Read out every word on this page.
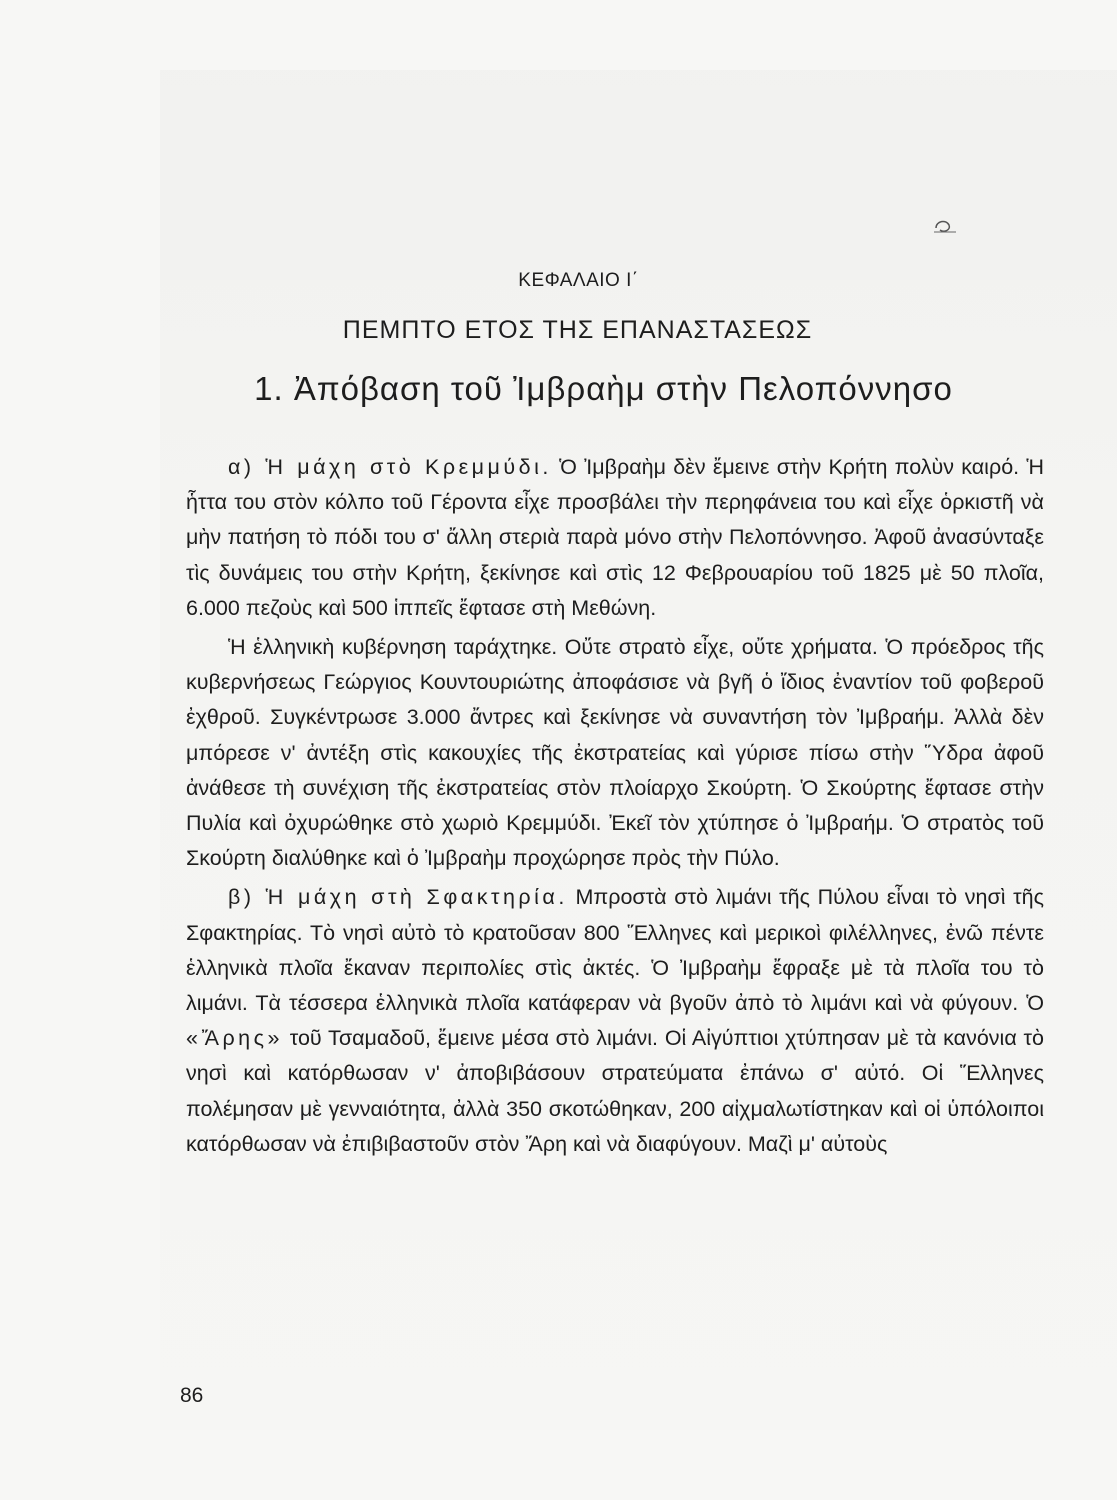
ΚΕΦΑΛΑΙΟ Ι΄
ΠΕΜΠΤΟ ΕΤΟΣ ΤΗΣ ΕΠΑΝΑΣΤΑΣΕΩΣ
1. Ἀπόβαση τοῦ Ἰμβραὴμ στὴν Πελοπόννησο

α) Ἡ μάχη στὸ Κρεμμύδι. Ὁ Ἰμβραὴμ δὲν ἔμεινε στὴν Κρήτη πολὺν καιρό. Ἡ ἧττα του στὸν κόλπο τοῦ Γέροντα εἶχε προσβάλει τὴν περηφάνεια του καὶ εἶχε ὁρκιστῆ νὰ μὴν πατήση τὸ πόδι του σ' ἄλλη στεριὰ παρὰ μόνο στὴν Πελοπόννησο. Ἀφοῦ ἀνασύνταξε τὶς δυνάμεις του στὴν Κρήτη, ξεκίνησε καὶ στὶς 12 Φεβρουαρίου τοῦ 1825 μὲ 50 πλοῖα, 6.000 πεζοὺς καὶ 500 ἱππεῖς ἔφτασε στὴ Μεθώνη.

Ἡ ἑλληνικὴ κυβέρνηση ταράχτηκε. Οὔτε στρατὸ εἶχε, οὔτε χρήματα. Ὁ πρόεδρος τῆς κυβερνήσεως Γεώργιος Κουντουριώτης ἀποφάσισε νὰ βγῆ ὁ ἴδιος ἐναντίον τοῦ φοβεροῦ ἐχθροῦ. Συγκέντρωσε 3.000 ἄντρες καὶ ξεκίνησε νὰ συναντήση τὸν Ἰμβραήμ. Ἀλλὰ δὲν μπόρεσε ν' ἀντέξη στὶς κακουχίες τῆς ἐκστρατείας καὶ γύρισε πίσω στὴν Ὕδρα ἀφοῦ ἀνάθεσε τὴ συνέχιση τῆς ἐκστρατείας στὸν πλοίαρχο Σκούρτη. Ὁ Σκούρτης ἔφτασε στὴν Πυλία καὶ ὀχυρώθηκε στὸ χωριὸ Κρεμμύδι. Ἐκεῖ τὸν χτύπησε ὁ Ἰμβραήμ. Ὁ στρατὸς τοῦ Σκούρτη διαλύθηκε καὶ ὁ Ἰμβραὴμ προχώρησε πρὸς τὴν Πύλο.

β) Ἡ μάχη στὴ Σφακτηρία. Μπροστὰ στὸ λιμάνι τῆς Πύλου εἶναι τὸ νησὶ τῆς Σφακτηρίας. Τὸ νησὶ αὐτὸ τὸ κρατοῦσαν 800 Ἕλληνες καὶ μερικοὶ φιλέλληνες, ἐνῶ πέντε ἑλληνικὰ πλοῖα ἔκαναν περιπολίες στὶς ἀκτές. Ὁ Ἰμβραὴμ ἔφραξε μὲ τὰ πλοῖα του τὸ λιμάνι. Τὰ τέσσερα ἑλληνικὰ πλοῖα κατάφεραν νὰ βγοῦν ἀπὸ τὸ λιμάνι καὶ νὰ φύγουν. Ὁ «Ἄρης» τοῦ Τσαμαδοῦ, ἔμεινε μέσα στὸ λιμάνι. Οἱ Αἰγύπτιοι χτύπησαν μὲ τὰ κανόνια τὸ νησὶ καὶ κατόρθωσαν ν' ἀποβιβάσουν στρατεύματα ἐπάνω σ' αὐτό. Οἱ Ἕλληνες πολέμησαν μὲ γενναιότητα, ἀλλὰ 350 σκοτώθηκαν, 200 αἰχμαλωτίστηκαν καὶ οἱ ὑπόλοιποι κατόρθωσαν νὰ ἐπιβιβαστοῦν στὸν Ἄρη καὶ νὰ διαφύγουν. Μαζὶ μ' αὐτοὺς

86
